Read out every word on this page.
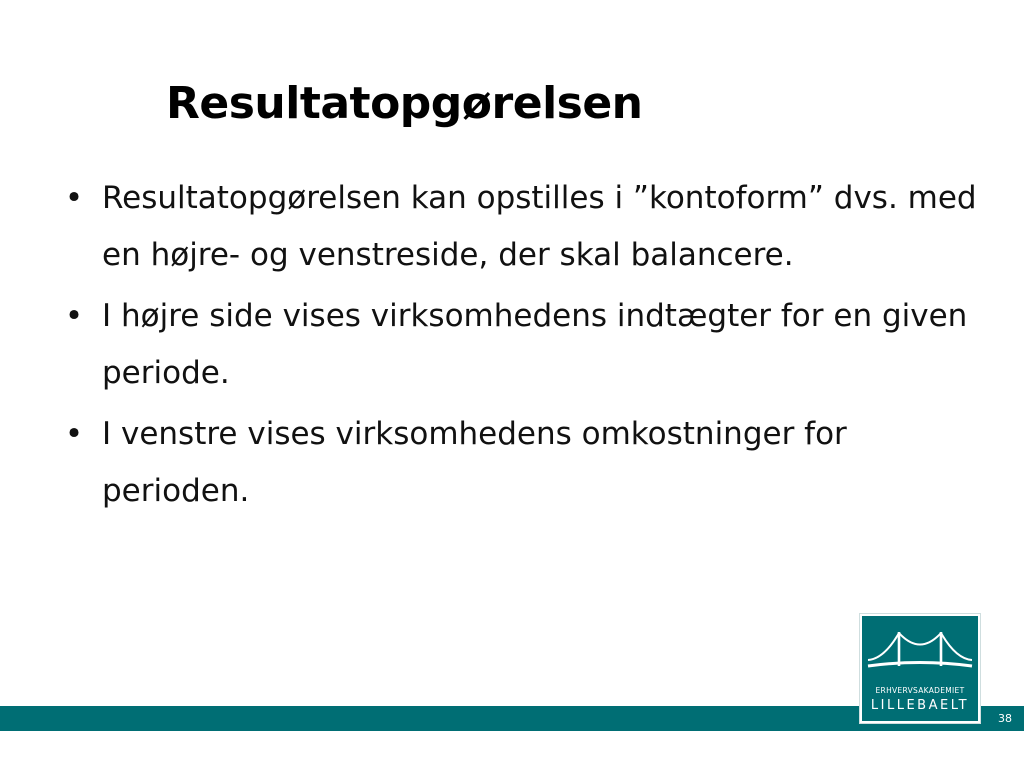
Resultatopgørelsen
• Resultatopgørelsen kan opstilles i ”kontoform” dvs. med en højre- og venstreside, der skal balancere.
• I højre side vises virksomhedens indtægter for en given periode.
• I venstre vises virksomhedens omkostninger for perioden.
38
ERHVERVSAKADEMIET
LILLEBAELT
